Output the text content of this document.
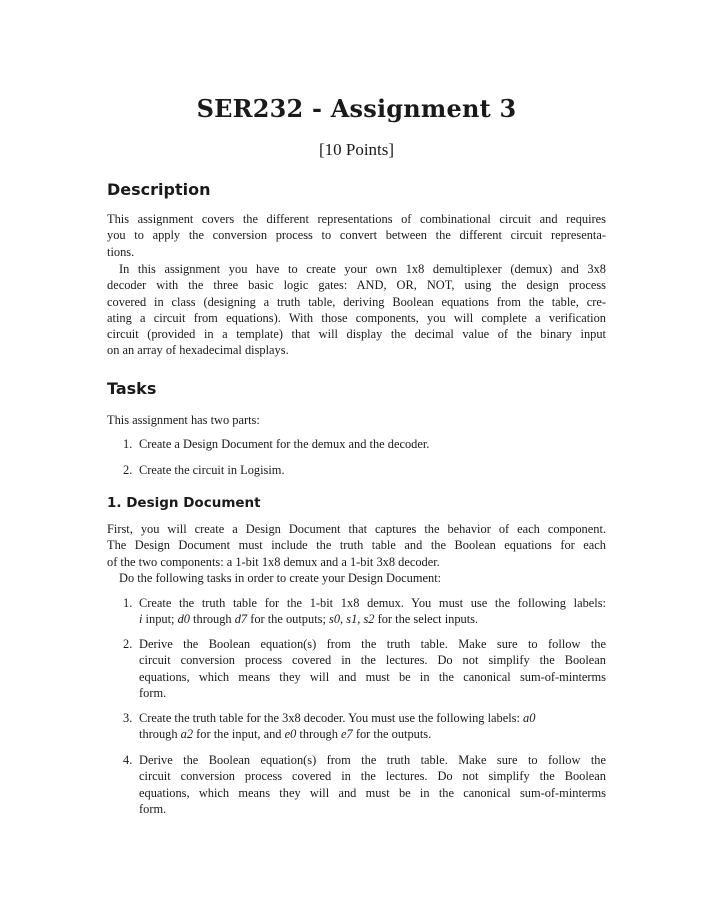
SER232 - Assignment 3
[10 Points]
Description
This assignment covers the different representations of combinational circuit and requires
you to apply the conversion process to convert between the different circuit representa-
tions.
In this assignment you have to create your own 1x8 demultiplexer (demux) and 3x8
decoder with the three basic logic gates: AND, OR, NOT, using the design process
covered in class (designing a truth table, deriving Boolean equations from the table, cre-
ating a circuit from equations). With those components, you will complete a verification
circuit (provided in a template) that will display the decimal value of the binary input
on an array of hexadecimal displays.
Tasks
This assignment has two parts:
1. Create a Design Document for the demux and the decoder.
2. Create the circuit in Logisim.
1. Design Document
First, you will create a Design Document that captures the behavior of each component.
The Design Document must include the truth table and the Boolean equations for each
of the two components: a 1-bit 1x8 demux and a 1-bit 3x8 decoder.
Do the following tasks in order to create your Design Document:
1. Create the truth table for the 1-bit 1x8 demux. You must use the following labels:
i input; d0 through d7 for the outputs; s0, s1, s2 for the select inputs.
2. Derive the Boolean equation(s) from the truth table. Make sure to follow the
circuit conversion process covered in the lectures. Do not simplify the Boolean
equations, which means they will and must be in the canonical sum-of-minterms
form.
3. Create the truth table for the 3x8 decoder. You must use the following labels: a0
through a2 for the input, and e0 through e7 for the outputs.
4. Derive the Boolean equation(s) from the truth table. Make sure to follow the
circuit conversion process covered in the lectures. Do not simplify the Boolean
equations, which means they will and must be in the canonical sum-of-minterms
form.
